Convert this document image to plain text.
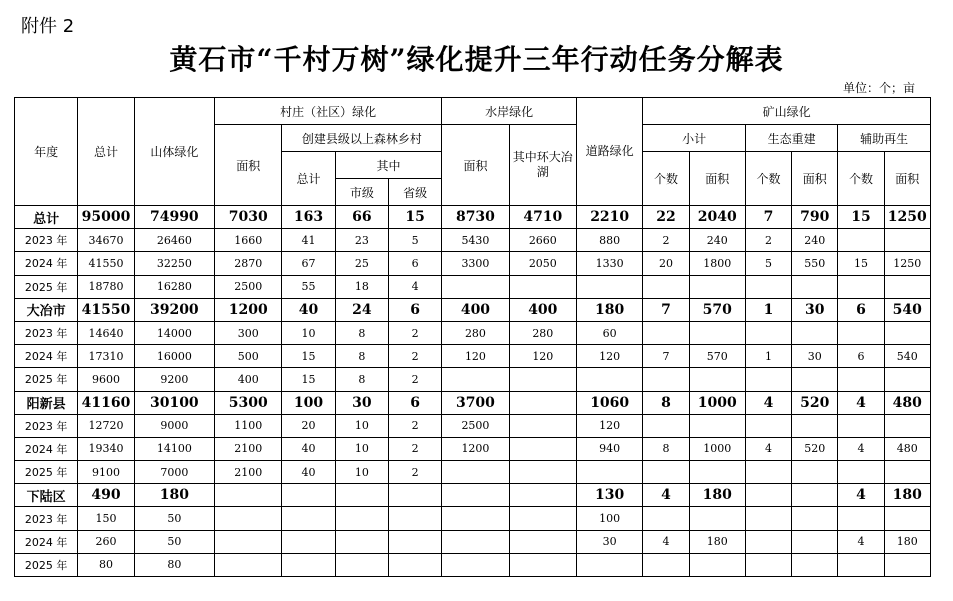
附件 2
黄石市“千村万树”绿化提升三年行动任务分解表
单位：个；亩
年度	总计	山体绿化	村庄（社区）绿化				水岸绿化		道路绿化	矿山绿化					
			面积	创建县级以上森林乡村			面积	其中环大冶湖		小计		生态重建		辅助再生	
				总计	其中					个数	面积	个数	面积	个数	面积
					市级	省级									
总计	95000	74990	7030	163	66	15	8730	4710	2210	22	2040	7	790	15	1250
2023 年	34670	26460	1660	41	23	5	5430	2660	880	2	240	2	240		
2024 年	41550	32250	2870	67	25	6	3300	2050	1330	20	1800	5	550	15	1250
2025 年	18780	16280	2500	55	18	4									
大冶市	41550	39200	1200	40	24	6	400	400	180	7	570	1	30	6	540
2023 年	14640	14000	300	10	8	2	280	280	60						
2024 年	17310	16000	500	15	8	2	120	120	120	7	570	1	30	6	540
2025 年	9600	9200	400	15	8	2									
阳新县	41160	30100	5300	100	30	6	3700		1060	8	1000	4	520	4	480
2023 年	12720	9000	1100	20	10	2	2500		120						
2024 年	19340	14100	2100	40	10	2	1200		940	8	1000	4	520	4	480
2025 年	9100	7000	2100	40	10	2									
下陆区	490	180							130	4	180			4	180
2023 年	150	50							100						
2024 年	260	50							30	4	180			4	180
2025 年	80	80													
